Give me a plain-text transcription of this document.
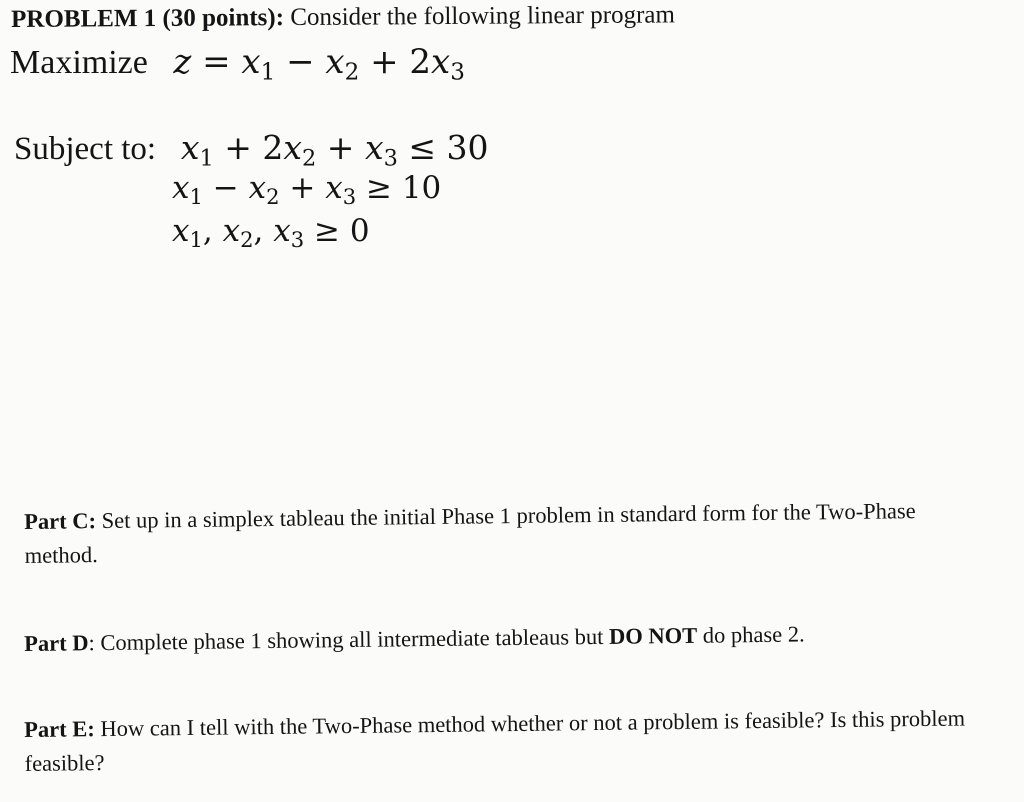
PROBLEM 1 (30 points): Consider the following linear program
Maximize $z = x_1 - x_2 + 2x_3$
Subject to: $x_1 + 2x_2 + x_3 \le 30$
$x_1 - x_2 + x_3 \ge 10$
$x_1$, $x_2$, $x_3 \ge 0$
Part C: Set up in a simplex tableau the initial Phase 1 problem in standard form for the Two-Phase method.
Part D: Complete phase 1 showing all intermediate tableaus but DO NOT do phase 2.
Part E: How can I tell with the Two-Phase method whether or not a problem is feasible? Is this problem feasible?
